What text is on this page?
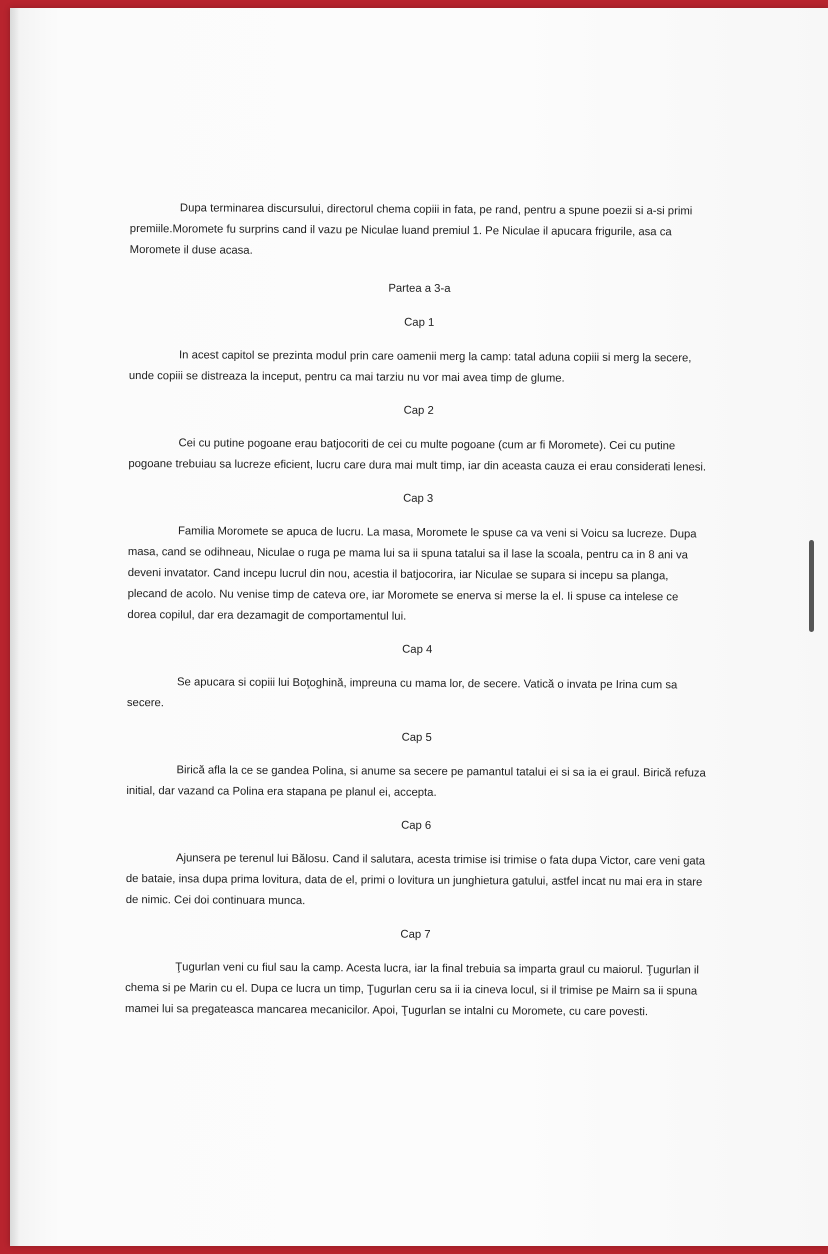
Dupa terminarea discursului, directorul chema copiii in fata, pe rand, pentru a spune poezii si a-si primi premiile.Moromete fu surprins cand il vazu pe Niculae luand premiul 1. Pe Niculae il apucara frigurile, asa ca Moromete il duse acasa.

Partea a 3-a

Cap 1

In acest capitol se prezinta modul prin care oamenii merg la camp: tatal aduna copiii si merg la secere, unde copiii se distreaza la inceput, pentru ca mai tarziu nu vor mai avea timp de glume.

Cap 2

Cei cu putine pogoane erau batjocoriti de cei cu multe pogoane (cum ar fi Moromete). Cei cu putine pogoane trebuiau sa lucreze eficient, lucru care dura mai mult timp, iar din aceasta cauza ei erau considerati lenesi.

Cap 3

Familia Moromete se apuca de lucru. La masa, Moromete le spuse ca va veni si Voicu sa lucreze. Dupa masa, cand se odihneau, Niculae o ruga pe mama lui sa ii spuna tatalui sa il lase la scoala, pentru ca in 8 ani va deveni invatator. Cand incepu lucrul din nou, acestia il batjocorira, iar Niculae se supara si incepu sa planga, plecand de acolo. Nu venise timp de cateva ore, iar Moromete se enerva si merse la el. Ii spuse ca intelese ce dorea copilul, dar era dezamagit de comportamentul lui.

Cap 4

Se apucara si copiii lui Boţoghină, impreuna cu mama lor, de secere. Vatică o invata pe Irina cum sa secere.

Cap 5

Birică afla la ce se gandea Polina, si anume sa secere pe pamantul tatalui ei si sa ia ei graul. Birică refuza initial, dar vazand ca Polina era stapana pe planul ei, accepta.

Cap 6

Ajunsera pe terenul lui Bălosu. Cand il salutara, acesta trimise isi trimise o fata dupa Victor, care veni gata de bataie, insa dupa prima lovitura, data de el, primi o lovitura un junghietura gatului, astfel incat nu mai era in stare de nimic. Cei doi continuara munca.

Cap 7

Ţugurlan veni cu fiul sau la camp. Acesta lucra, iar la final trebuia sa imparta graul cu maiorul. Ţugurlan il chema si pe Marin cu el. Dupa ce lucra un timp, Ţugurlan ceru sa ii ia cineva locul, si il trimise pe Mairn sa ii spuna mamei lui sa pregateasca mancarea mecanicilor. Apoi, Ţugurlan se intalni cu Moromete, cu care povesti.
